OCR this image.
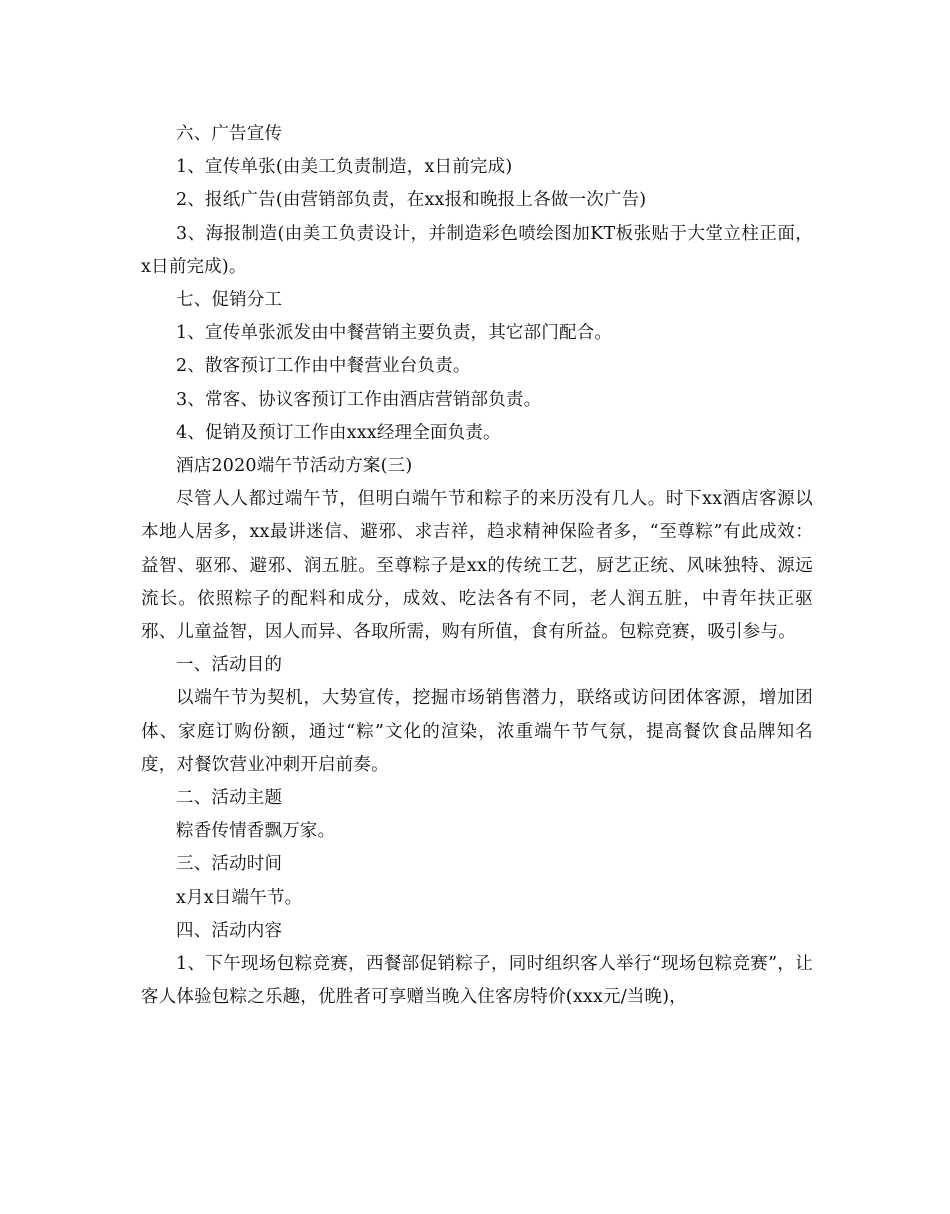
六、广告宣传

1、宣传单张(由美工负责制造，x日前完成)

2、报纸广告(由营销部负责，在xx报和晚报上各做一次广告)

3、海报制造(由美工负责设计，并制造彩色喷绘图加KT板张贴于大堂立柱正面，x日前完成)。

七、促销分工

1、宣传单张派发由中餐营销主要负责，其它部门配合。

2、散客预订工作由中餐营业台负责。

3、常客、协议客预订工作由酒店营销部负责。

4、促销及预订工作由xxx经理全面负责。

酒店2020端午节活动方案(三)

尽管人人都过端午节，但明白端午节和粽子的来历没有几人。时下xx酒店客源以本地人居多，xx最讲迷信、避邪、求吉祥，趋求精神保险者多，“至尊粽”有此成效：益智、驱邪、避邪、润五脏。至尊粽子是xx的传统工艺，厨艺正统、风味独特、源远流长。依照粽子的配料和成分，成效、吃法各有不同，老人润五脏，中青年扶正驱邪、儿童益智，因人而异、各取所需，购有所值，食有所益。包粽竞赛，吸引参与。

一、活动目的

以端午节为契机，大势宣传，挖掘市场销售潜力，联络或访问团体客源，增加团体、家庭订购份额，通过“粽”文化的渲染，浓重端午节气氛，提高餐饮食品牌知名度，对餐饮营业冲刺开启前奏。

二、活动主题

粽香传情香飘万家。

三、活动时间

x月x日端午节。

四、活动内容

1、下午现场包粽竞赛，西餐部促销粽子，同时组织客人举行“现场包粽竞赛”，让客人体验包粽之乐趣，优胜者可享赠当晚入住客房特价(xxx元/当晚)，
